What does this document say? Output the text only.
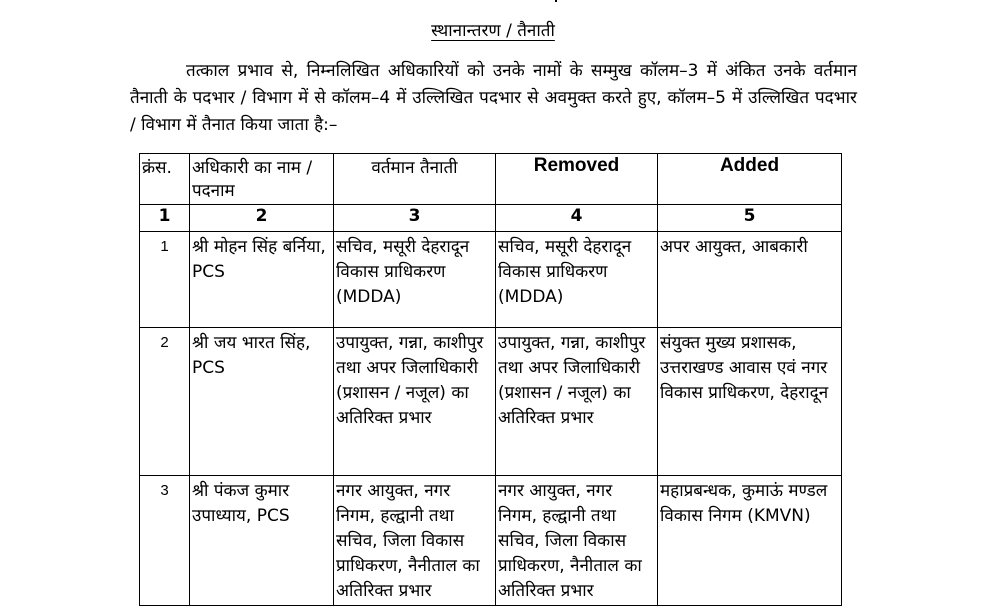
स्थानान्तरण / तैनाती
तत्काल प्रभाव से, निम्नलिखित अधिकारियों को उनके नामों के सम्मुख कॉलम–3 में अंकित उनके वर्तमान तैनाती के पदभार / विभाग में से कॉलम–4 में उल्लिखित पदभार से अवमुक्त करते हुए, कॉलम–5 में उल्लिखित पदभार / विभाग में तैनात किया जाता है:–
क्रंस.	अधिकारी का नाम / पदनाम	वर्तमान तैनाती	Removed	Added
1	2	3	4	5
1	श्री मोहन सिंह बर्निया, PCS	सचिव, मसूरी देहरादून विकास प्राधिकरण (MDDA)	सचिव, मसूरी देहरादून विकास प्राधिकरण (MDDA)	अपर आयुक्त, आबकारी
2	श्री जय भारत सिंह, PCS	उपायुक्त, गन्ना, काशीपुर तथा अपर जिलाधिकारी (प्रशासन / नजूल) का अतिरिक्त प्रभार	उपायुक्त, गन्ना, काशीपुर तथा अपर जिलाधिकारी (प्रशासन / नजूल) का अतिरिक्त प्रभार	संयुक्त मुख्य प्रशासक, उत्तराखण्ड आवास एवं नगर विकास प्राधिकरण, देहरादून
3	श्री पंकज कुमार उपाध्याय, PCS	नगर आयुक्त, नगर निगम, हल्द्वानी तथा सचिव, जिला विकास प्राधिकरण, नैनीताल का अतिरिक्त प्रभार	नगर आयुक्त, नगर निगम, हल्द्वानी तथा सचिव, जिला विकास प्राधिकरण, नैनीताल का अतिरिक्त प्रभार	महाप्रबन्धक, कुमाऊं मण्डल विकास निगम (KMVN)
